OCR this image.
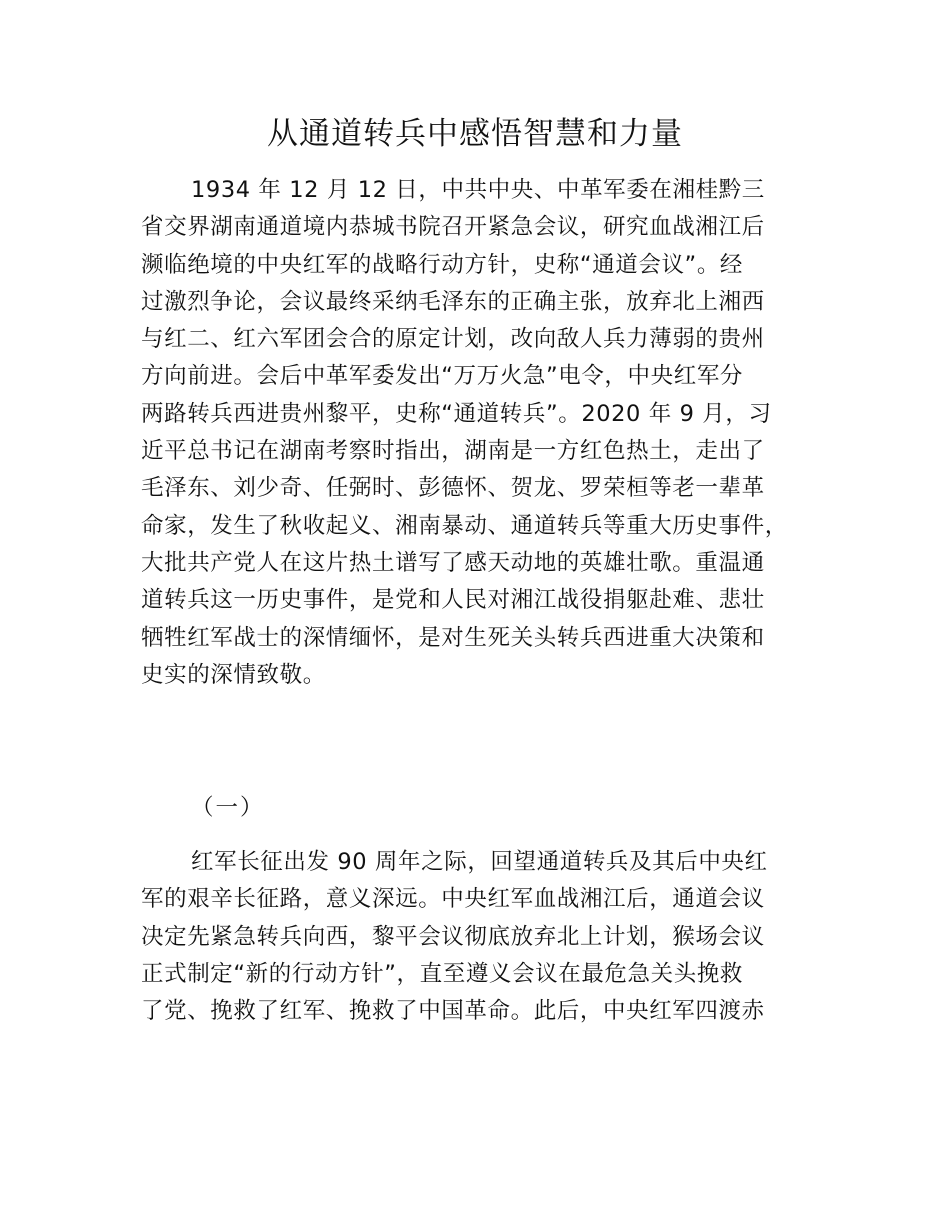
从通道转兵中感悟智慧和力量
1934 年 12 月 12 日，中共中央、中革军委在湘桂黔三
省交界湖南通道境内恭城书院召开紧急会议，研究血战湘江后
濒临绝境的中央红军的战略行动方针，史称“通道会议”。经
过激烈争论，会议最终采纳毛泽东的正确主张，放弃北上湘西
与红二、红六军团会合的原定计划，改向敌人兵力薄弱的贵州
方向前进。会后中革军委发出“万万火急”电令，中央红军分
两路转兵西进贵州黎平，史称“通道转兵”。2020 年 9 月，习
近平总书记在湖南考察时指出，湖南是一方红色热土，走出了
毛泽东、刘少奇、任弼时、彭德怀、贺龙、罗荣桓等老一辈革
命家，发生了秋收起义、湘南暴动、通道转兵等重大历史事件，
大批共产党人在这片热土谱写了感天动地的英雄壮歌。重温通
道转兵这一历史事件，是党和人民对湘江战役捐躯赴难、悲壮
牺牲红军战士的深情缅怀，是对生死关头转兵西进重大决策和
史实的深情致敬。
（一）
红军长征出发 90 周年之际，回望通道转兵及其后中央红
军的艰辛长征路，意义深远。中央红军血战湘江后，通道会议
决定先紧急转兵向西，黎平会议彻底放弃北上计划，猴场会议
正式制定“新的行动方针”，直至遵义会议在最危急关头挽救
了党、挽救了红军、挽救了中国革命。此后，中央红军四渡赤
